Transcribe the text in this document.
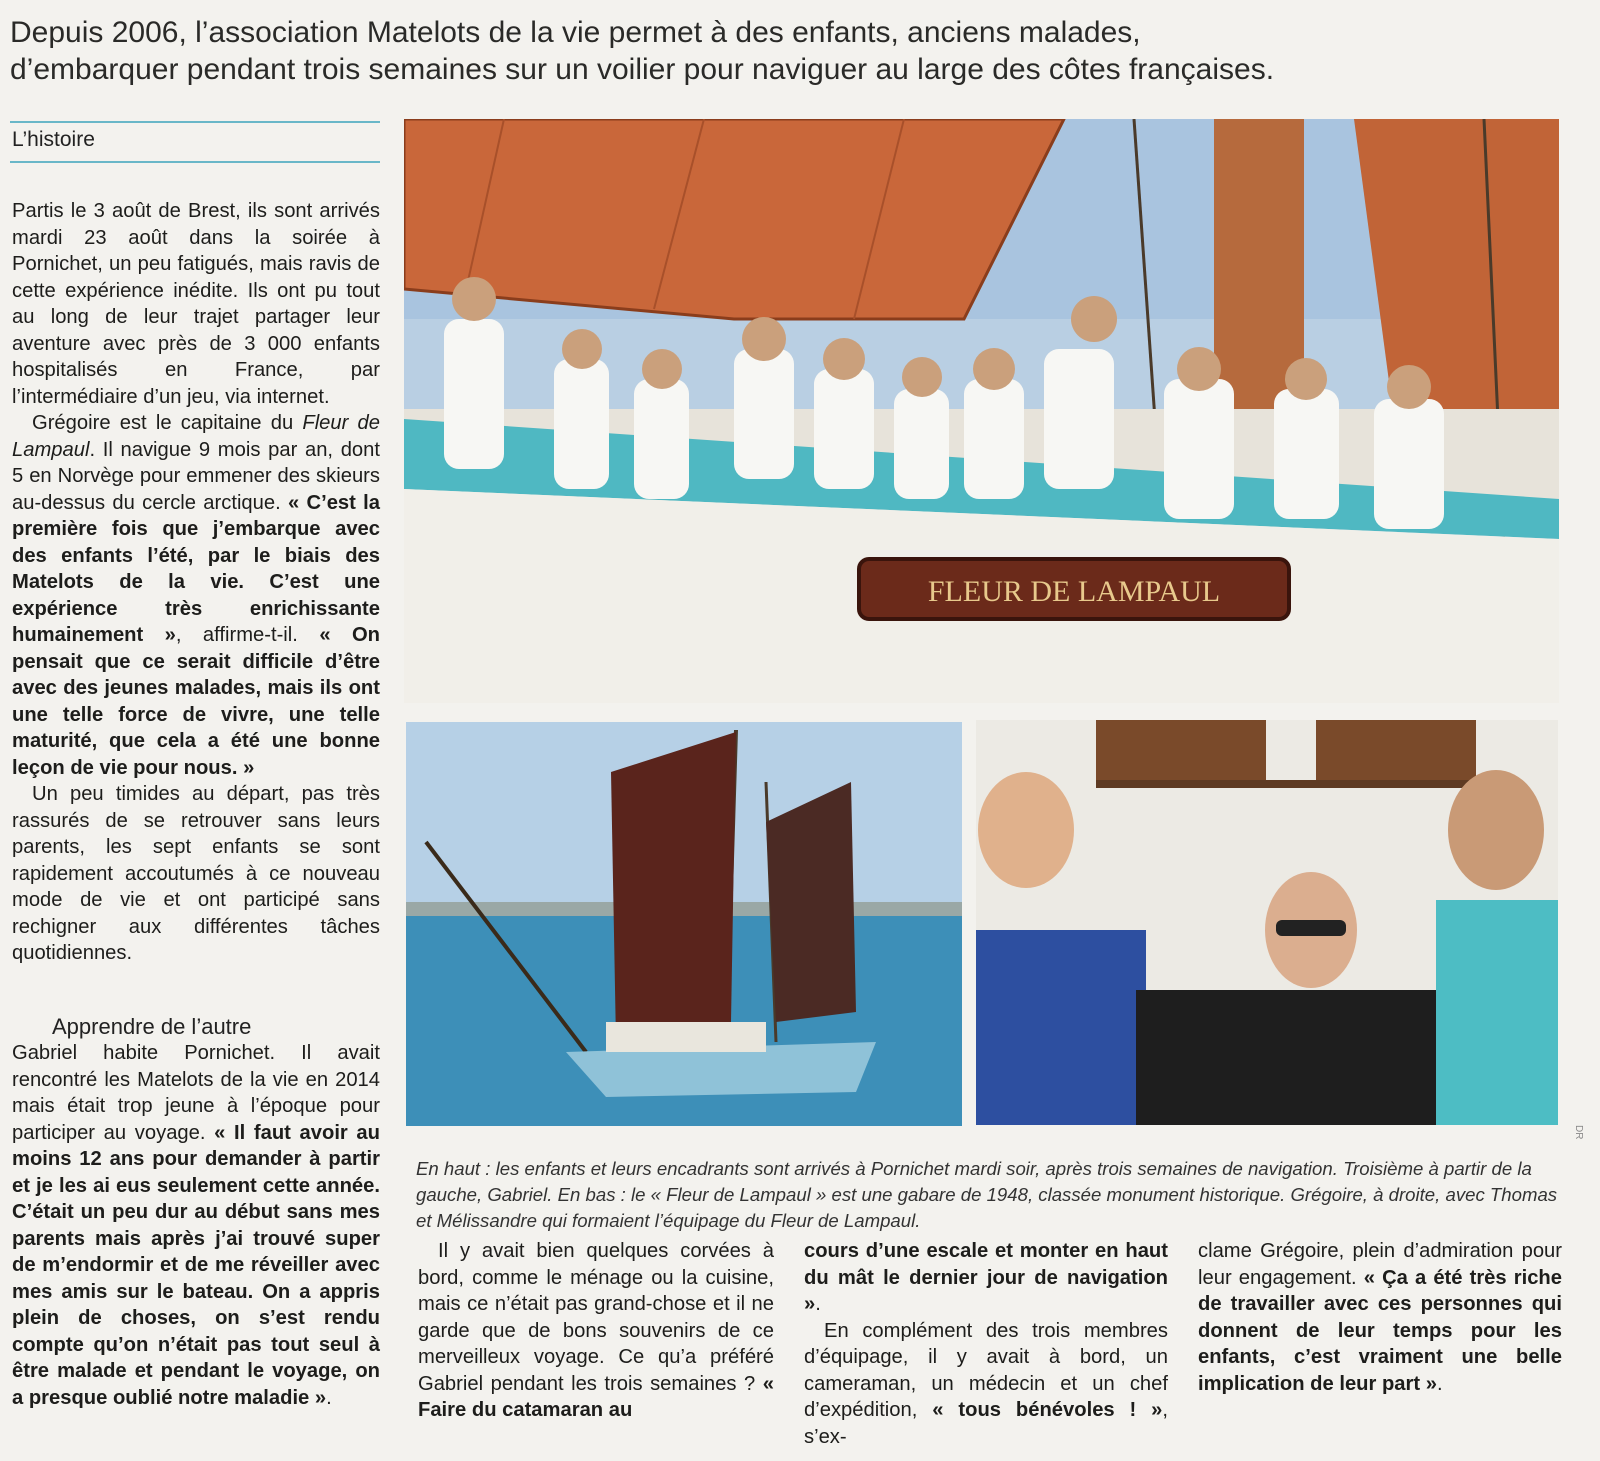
Depuis 2006, l’association Matelots de la vie permet à des enfants, anciens malades,

d’embarquer pendant trois semaines sur un voilier pour naviguer au large des côtes françaises.

L’histoire

Partis le 3 août de Brest, ils sont arrivés mardi 23 août dans la soirée à Pornichet, un peu fatigués, mais ravis de cette expérience inédite. Ils ont pu tout au long de leur trajet partager leur aventure avec près de 3 000 enfants hospitalisés en France, par l’intermédiaire d’un jeu, via internet.

Grégoire est le capitaine du Fleur de Lampaul. Il navigue 9 mois par an, dont 5 en Norvège pour emmener des skieurs au-dessus du cercle arctique. « C’est la première fois que j’embarque avec des enfants l’été, par le biais des Matelots de la vie. C’est une expérience très enrichissante humainement », affirme-t-il. « On pensait que ce serait difficile d’être avec des jeunes malades, mais ils ont une telle force de vivre, une telle maturité, que cela a été une bonne leçon de vie pour nous. »

Un peu timides au départ, pas très rassurés de se retrouver sans leurs parents, les sept enfants se sont rapidement accoutumés à ce nouveau mode de vie et ont participé sans rechigner aux différentes tâches quotidiennes.

Apprendre de l’autre

Gabriel habite Pornichet. Il avait rencontré les Matelots de la vie en 2014 mais était trop jeune à l’époque pour participer au voyage. « Il faut avoir au moins 12 ans pour demander à partir et je les ai eus seulement cette année. C’était un peu dur au début sans mes parents mais après j’ai trouvé super de m’endormir et de me réveiller avec mes amis sur le bateau. On a appris plein de choses, on s’est rendu compte qu’on n’était pas tout seul à être malade et pendant le voyage, on a presque oublié notre maladie ».

FLEUR DE LAMPAUL
DR

En haut : les enfants et leurs encadrants sont arrivés à Pornichet mardi soir, après trois semaines de navigation. Troisième à partir de la gauche, Gabriel. En bas : le « Fleur de Lampaul » est une gabare de 1948, classée monument historique. Grégoire, à droite, avec Thomas et Mélissandre qui formaient l’équipage du Fleur de Lampaul.

Il y avait bien quelques corvées à bord, comme le ménage ou la cuisine, mais ce n’était pas grand-chose et il ne garde que de bons souvenirs de ce merveilleux voyage. Ce qu’a préféré Gabriel pendant les trois semaines ? « Faire du catamaran au

cours d’une escale et monter en haut du mât le dernier jour de navigation ».

En complément des trois membres d’équipage, il y avait à bord, un cameraman, un médecin et un chef d’expédition, « tous bénévoles ! », s’ex-

clame Grégoire, plein d’admiration pour leur engagement. « Ça a été très riche de travailler avec ces personnes qui donnent de leur temps pour les enfants, c’est vraiment une belle implication de leur part ».
